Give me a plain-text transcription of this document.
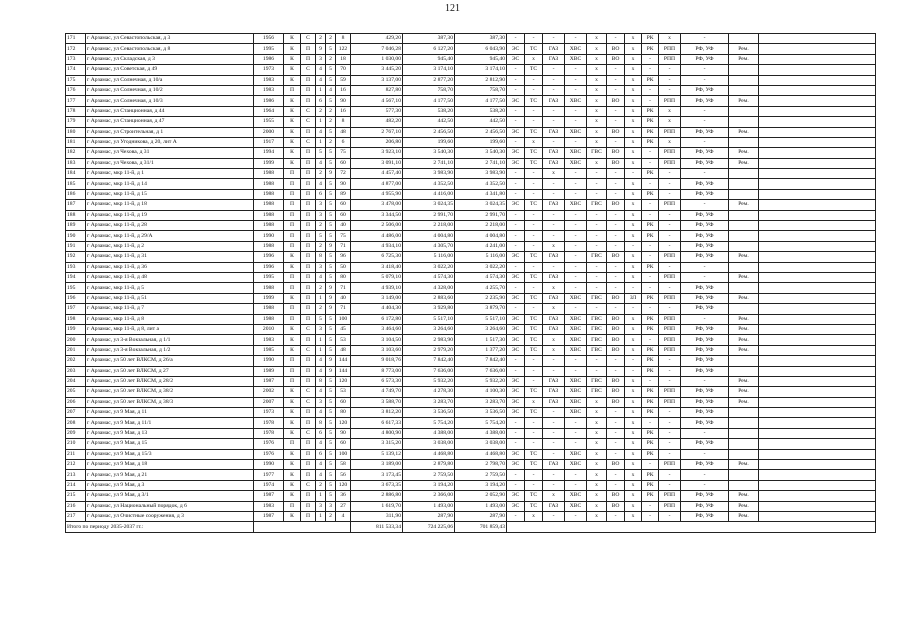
121
171	г Арзамас, ул Севастопольская, д 3	1956	К	С	2	2	8	429,20	387,30	387,30	-	-	-	-	х	-	х	РК	х	-		
172	г Арзамас, ул Севастопольская, д 8	1995	К	П	9	5	122	7 046,28	6 127,20	6 043,90	ЭС	ТС	ГАЗ	ХВС	х	ВО	х	РК	РПП	РФ, УФ	Рем.	
173	г Арзамас, ул Складская, д 3	1986	К	П	3	2	18	1 030,00	945,40	945,40	ЭС	х	ГАЗ	ХВС	х	ВО	х	-	РПП	РФ, УФ	Рем.	
174	г Арзамас, ул Советская, д 49	1973	К	С	4	5	70	3 445,20	3 174,10	3 174,10	-	ТС	-	-	х	-	х	-	-	-		
175	г Арзамас, ул Солнечная, д 10/а	1983	К	П	4	5	59	3 137,00	2 877,20	2 812,90	-	-	-	-	х	-	х	РК	-	-		
176	г Арзамас, ул Солнечная, д 10/2	1983	П	П	1	4	16	827,80	758,70	758,70	-	-	-	-	х	-	х	-	-	РФ, УФ		
177	г Арзамас, ул Солнечная, д 10/3	1986	К	П	6	5	90	4 567,10	4 177,50	4 177,50	ЭС	ТС	ГАЗ	ХВС	х	ВО	х	-	РПП	РФ, УФ	Рем.	
178	г Арзамас, ул Станционная, д 44	1964	К	С	2	2	16	577,30	538,20	538,20	-	-	-	-	х	-	х	РК	х	-		
179	г Арзамас, ул Станционная, д 47	1955	К	С	1	2	8	482,20	442,50	442,50	-	-	-	-	х	-	х	РК	х	-		
180	г Арзамас, ул Строительная, д 1	2000	К	П	4	5	48	2 767,10	2 456,50	2 456,50	ЭС	ТС	ГАЗ	ХВС	х	ВО	х	РК	РПП	РФ, УФ	Рем.	
181	г Арзамас, ул Угодникова, д 20, лит А	1917	К	С	1	2	6	206,80	199,60	199,60	-	х	-	-	х	-	х	РК	х	-		
182	г Арзамас, ул Чехова, д 31	1994	К	П	5	5	75	3 923,10	3 540,30	3 540,30	ЭС	ТС	ГАЗ	ХВС	ГВС	ВО	х	-	РПП	РФ, УФ	Рем.	
183	г Арзамас, ул Чехова, д 31/1	1999	К	П	4	5	60	3 091,10	2 741,10	2 741,10	ЭС	ТС	ГАЗ	ХВС	х	ВО	х	-	РПП	РФ, УФ	Рем.	
184	г Арзамас, мкр 11-й, д 1	1988	П	П	2	9	72	4 457,40	3 983,90	3 983,90	-	-	х	-	-	-	-	РК	-	-		
185	г Арзамас, мкр 11-й, д 14	1988	П	П	4	5	90	4 877,00	4 352,50	4 352,50	-	-	-	-	-	-	х	-	-	РФ, УФ		
186	г Арзамас, мкр 11-й, д 15	1988	П	П	6	5	89	4 955,90	4 416,00	4 341,80	-	-	-	-	-	-	х	РК	-	РФ, УФ		
187	г Арзамас, мкр 11-й, д 18	1988	П	П	3	5	60	3 478,00	3 024,35	3 024,35	ЭС	ТС	ГАЗ	ХВС	ГВС	ВО	х	-	РПП	-	Рем.	
188	г Арзамас, мкр 11-й, д 19	1988	П	П	3	5	60	3 344,50	2 991,70	2 991,70	-	-	-	-	-	-	х	-	-	РФ, УФ		
189	г Арзамас, мкр 11-й, д 28	1988	П	П	2	5	40	2 506,00	2 218,00	2 218,00	-	-	-	-	-	-	х	РК	-	РФ, УФ		
190	г Арзамас, мкр 11-й, д 29/А	1990	П	П	5	5	75	4 486,00	4 004,80	4 004,80	-	-	-	-	-	-	х	РК	-	РФ, УФ		
191	г Арзамас, мкр 11-й, д 2	1988	П	П	2	9	71	4 934,10	4 305,70	4 241,00	-	-	х	-	-	-	-	-	-	РФ, УФ		
192	г Арзамас, мкр 11-й, д 31	1996	К	П	8	5	96	6 725,30	5 116,00	5 116,00	ЭС	ТС	ГАЗ	-	ГВС	ВО	х	-	РПП	РФ, УФ	Рем.	
193	г Арзамас, мкр 11-й, д 36	1996	К	П	3	5	50	3 418,40	3 022,20	3 022,20	-	-	-	-	-	-	х	РК	-	-		
194	г Арзамас, мкр 11-й, д 48	1995	П	П	4	5	80	5 079,10	4 574,30	4 574,30	ЭС	ТС	ГАЗ	-	-	-	х	-	РПП	-	Рем.	
195	г Арзамас, мкр 11-й, д 5	1988	П	П	2	9	71	4 939,10	4 328,00	4 255,70	-	-	х	-	-	-	-	-	-	РФ, УФ		
196	г Арзамас, мкр 11-й, д 51	1999	К	П	1	9	40	3 149,00	2 883,60	2 235,90	ЭС	ТС	ГАЗ	ХВС	ГВС	ВО	ЗЛ	РК	РПП	РФ, УФ	Рем.	
197	г Арзамас, мкр 11-й, д 7	1988	П	П	2	9	71	4 404,30	3 929,80	3 879,70	-	-	х	-	-	-	-	-	-	РФ, УФ		
198	г Арзамас, мкр 11-й, д 8	1988	П	П	5	5	100	6 172,80	5 517,10	5 517,10	ЭС	ТС	ГАЗ	ХВС	ГВС	ВО	х	РК	РПП	-	Рем.	
199	г Арзамас, мкр 11-й, д 8, лит а	2010	К	С	3	5	45	3 464,60	3 264,60	3 264,60	ЭС	ТС	ГАЗ	ХВС	ГВС	ВО	х	РК	РПП	РФ, УФ	Рем.	
200	г Арзамас, ул 3-я Вокзальная, д 1/1	1983	К	П	1	5	53	3 104,50	2 983,90	1 517,30	ЭС	ТС	х	ХВС	ГВС	ВО	х	-	РПП	РФ, УФ	Рем.	
201	г Арзамас, ул 3-я Вокзальная, д 1/2	1985	К	С	1	5	48	3 103,60	2 979,20	1 377,20	ЭС	ТС	х	ХВС	ГВС	ВО	х	РК	РПП	РФ, УФ	Рем.	
202	г Арзамас, ул 50 лет ВЛКСМ, д 26/а	1990	П	П	4	9	144	9 018,76	7 842,40	7 842,40	-	-	-	-	-	-	-	РК	-	РФ, УФ		
203	г Арзамас, ул 50 лет ВЛКСМ, д 27	1989	П	П	4	9	144	8 773,00	7 636,00	7 636,00	-	-	-	-	-	-	-	РК	-	РФ, УФ		
204	г Арзамас, ул 50 лет ВЛКСМ, д 28/2	1987	П	П	8	5	120	6 573,30	5 932,20	5 932,20	ЭС	-	ГАЗ	ХВС	ГВС	ВО	х	-	-	-	Рем.	
205	г Арзамас, ул 50 лет ВЛКСМ, д 38/2	2002	К	С	4	5	53	4 749,70	4 278,30	4 100,30	ЭС	ТС	ГАЗ	ХВС	ГВС	ВО	х	РК	РПП	РФ, УФ	Рем.	
206	г Арзамас, ул 50 лет ВЛКСМ, д 38/3	2007	К	С	3	5	60	3 588,70	3 283,70	3 283,70	ЭС	х	ГАЗ	ХВС	х	ВО	х	РК	РПП	РФ, УФ	Рем.	
207	г Арзамас, ул 9 Мая, д 11	1973	К	П	4	5	80	3 812,20	3 536,50	3 536,50	ЭС	ТС	-	ХВС	х	-	х	РК	-	РФ, УФ		
208	г Арзамас, ул 9 Мая, д 11/1	1978	К	П	8	5	120	6 617,33	5 754,20	5 754,20	-	-	-	-	х	-	х	-	-	РФ, УФ		
209	г Арзамас, ул 9 Мая, д 13	1978	К	С	6	5	90	4 800,90	4 388,00	4 388,00	-	-	-	-	х	-	х	РК	-	-		
210	г Арзамас, ул 9 Мая, д 15	1976	П	П	4	5	60	3 315,20	3 038,00	3 038,00	-	-	-	-	х	-	х	РК	-	РФ, УФ		
211	г Арзамас, ул 9 Мая, д 15/3	1976	К	П	6	5	100	5 139,12	4 468,80	4 468,80	ЭС	ТС	-	ХВС	х	-	х	РК	-	-		
212	г Арзамас, ул 9 Мая, д 18	1990	К	П	4	5	58	3 189,00	2 879,80	2 798,70	ЭС	ТС	ГАЗ	ХВС	х	ВО	х	-	РПП	РФ, УФ	Рем.	
213	г Арзамас, ул 9 Мая, д 21	1977	К	П	4	5	56	3 173,45	2 759,50	2 759,50	-	-	-	-	х	-	х	РК	-	-		
214	г Арзамас, ул 9 Мая, д 3	1974	К	С	2	5	120	3 673,35	3 194,20	3 194,20	-	-	-	-	х	-	х	РК	-	-		
215	г Арзамас, ул 9 Мая, д 3/1	1987	К	П	1	5	36	2 886,80	2 366,00	2 052,90	ЭС	ТС	х	ХВС	х	ВО	х	РК	РПП	РФ, УФ	Рем.	
216	г Арзамас, ул Национальный порядок, д 6	1983	П	П	3	3	27	1 619,70	1 493,00	1 493,00	ЭС	ТС	ГАЗ	ХВС	х	ВО	х	-	РПП	РФ, УФ	Рем.	
217	г Арзамас, ул Очистные сооружения, д 3	1987	К	П	1	2	4	311,90	287,90	287,90	-	х	-	-	х	-	х	-	-	РФ, УФ	Рем.	
Итого по периоду 2035-2037 гг.:								811 533,34	724 225,06	701 859,43												
